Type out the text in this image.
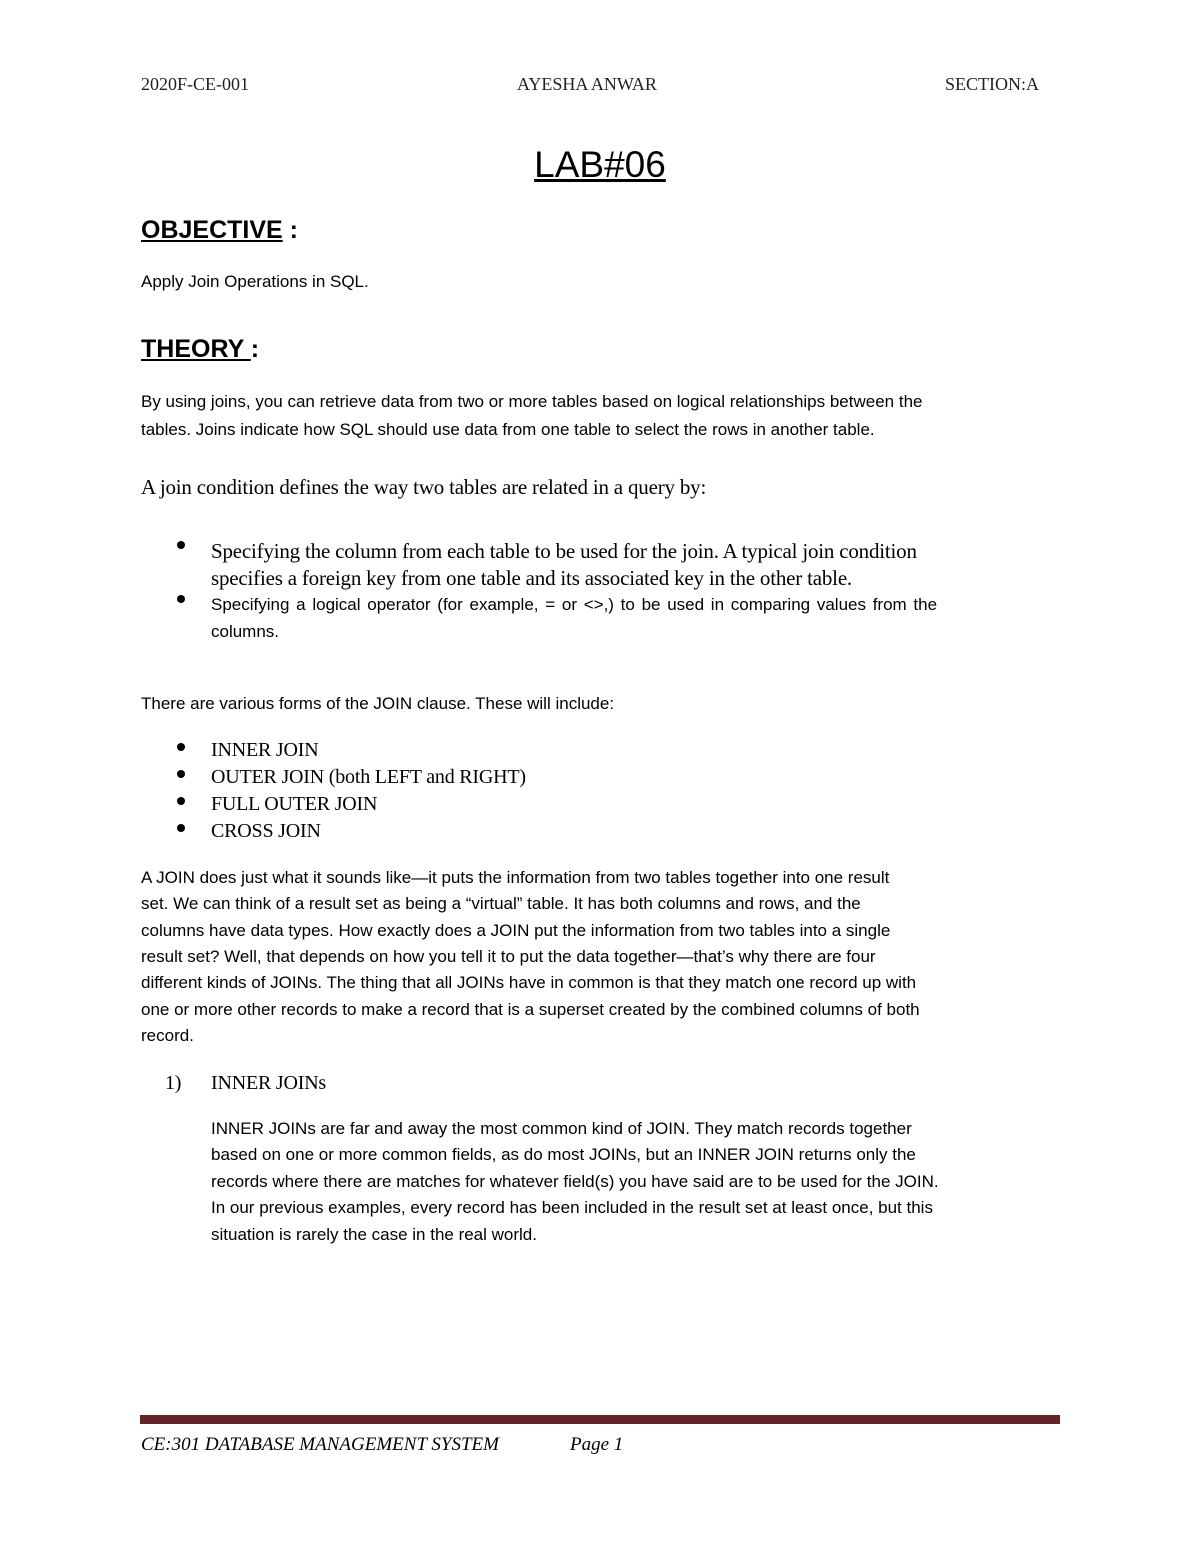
2020F-CE-001	AYESHA ANWAR	SECTION:A
LAB#06
OBJECTIVE :
Apply Join Operations in SQL.
THEORY :
By using joins, you can retrieve data from two or more tables based on logical relationships between the
tables. Joins indicate how SQL should use data from one table to select the rows in another table.
A join condition defines the way two tables are related in a query by:
Specifying the column from each table to be used for the join. A typical join condition
specifies a foreign key from one table and its associated key in the other table.
Specifying a logical operator (for example, = or <>,) to be used in comparing values from the
columns.
There are various forms of the JOIN clause. These will include:
INNER JOIN
OUTER JOIN (both LEFT and RIGHT)
FULL OUTER JOIN
CROSS JOIN
A JOIN does just what it sounds like—it puts the information from two tables together into one result
set. We can think of a result set as being a “virtual” table. It has both columns and rows, and the
columns have data types. How exactly does a JOIN put the information from two tables into a single
result set? Well, that depends on how you tell it to put the data together—that’s why there are four
different kinds of JOINs. The thing that all JOINs have in common is that they match one record up with
one or more other records to make a record that is a superset created by the combined columns of both
record.
1) INNER JOINs
INNER JOINs are far and away the most common kind of JOIN. They match records together
based on one or more common fields, as do most JOINs, but an INNER JOIN returns only the
records where there are matches for whatever field(s) you have said are to be used for the JOIN.
In our previous examples, every record has been included in the result set at least once, but this
situation is rarely the case in the real world.
CE:301 DATABASE MANAGEMENT SYSTEM	Page 1
